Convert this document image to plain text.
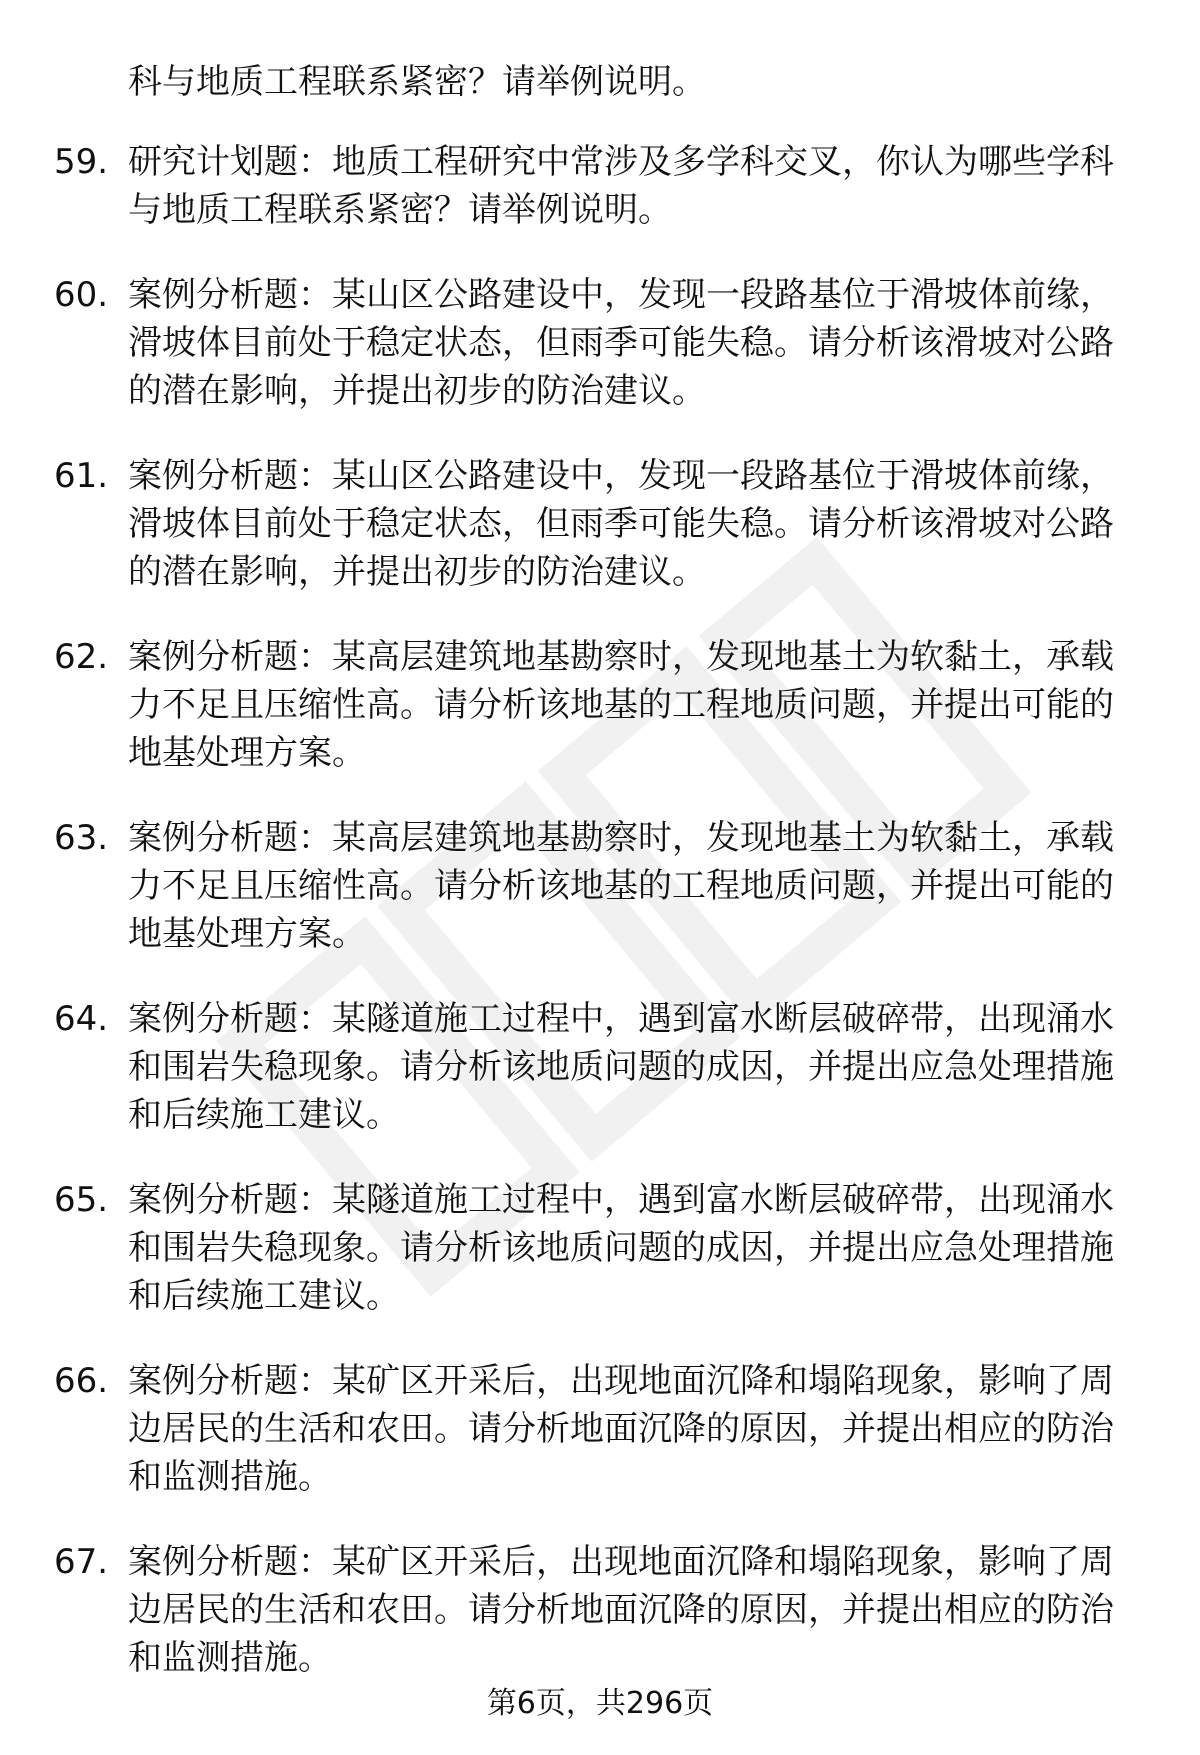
科与地质工程联系紧密？请举例说明。
59. 研究计划题：地质工程研究中常涉及多学科交叉，你认为哪些学科与地质工程联系紧密？请举例说明。
60. 案例分析题：某山区公路建设中，发现一段路基位于滑坡体前缘，滑坡体目前处于稳定状态，但雨季可能失稳。请分析该滑坡对公路的潜在影响，并提出初步的防治建议。
61. 案例分析题：某山区公路建设中，发现一段路基位于滑坡体前缘，滑坡体目前处于稳定状态，但雨季可能失稳。请分析该滑坡对公路的潜在影响，并提出初步的防治建议。
62. 案例分析题：某高层建筑地基勘察时，发现地基土为软黏土，承载力不足且压缩性高。请分析该地基的工程地质问题，并提出可能的地基处理方案。
63. 案例分析题：某高层建筑地基勘察时，发现地基土为软黏土，承载力不足且压缩性高。请分析该地基的工程地质问题，并提出可能的地基处理方案。
64. 案例分析题：某隧道施工过程中，遇到富水断层破碎带，出现涌水和围岩失稳现象。请分析该地质问题的成因，并提出应急处理措施和后续施工建议。
65. 案例分析题：某隧道施工过程中，遇到富水断层破碎带，出现涌水和围岩失稳现象。请分析该地质问题的成因，并提出应急处理措施和后续施工建议。
66. 案例分析题：某矿区开采后，出现地面沉降和塌陷现象，影响了周边居民的生活和农田。请分析地面沉降的原因，并提出相应的防治和监测措施。
67. 案例分析题：某矿区开采后，出现地面沉降和塌陷现象，影响了周边居民的生活和农田。请分析地面沉降的原因，并提出相应的防治和监测措施。
第6页，共296页
